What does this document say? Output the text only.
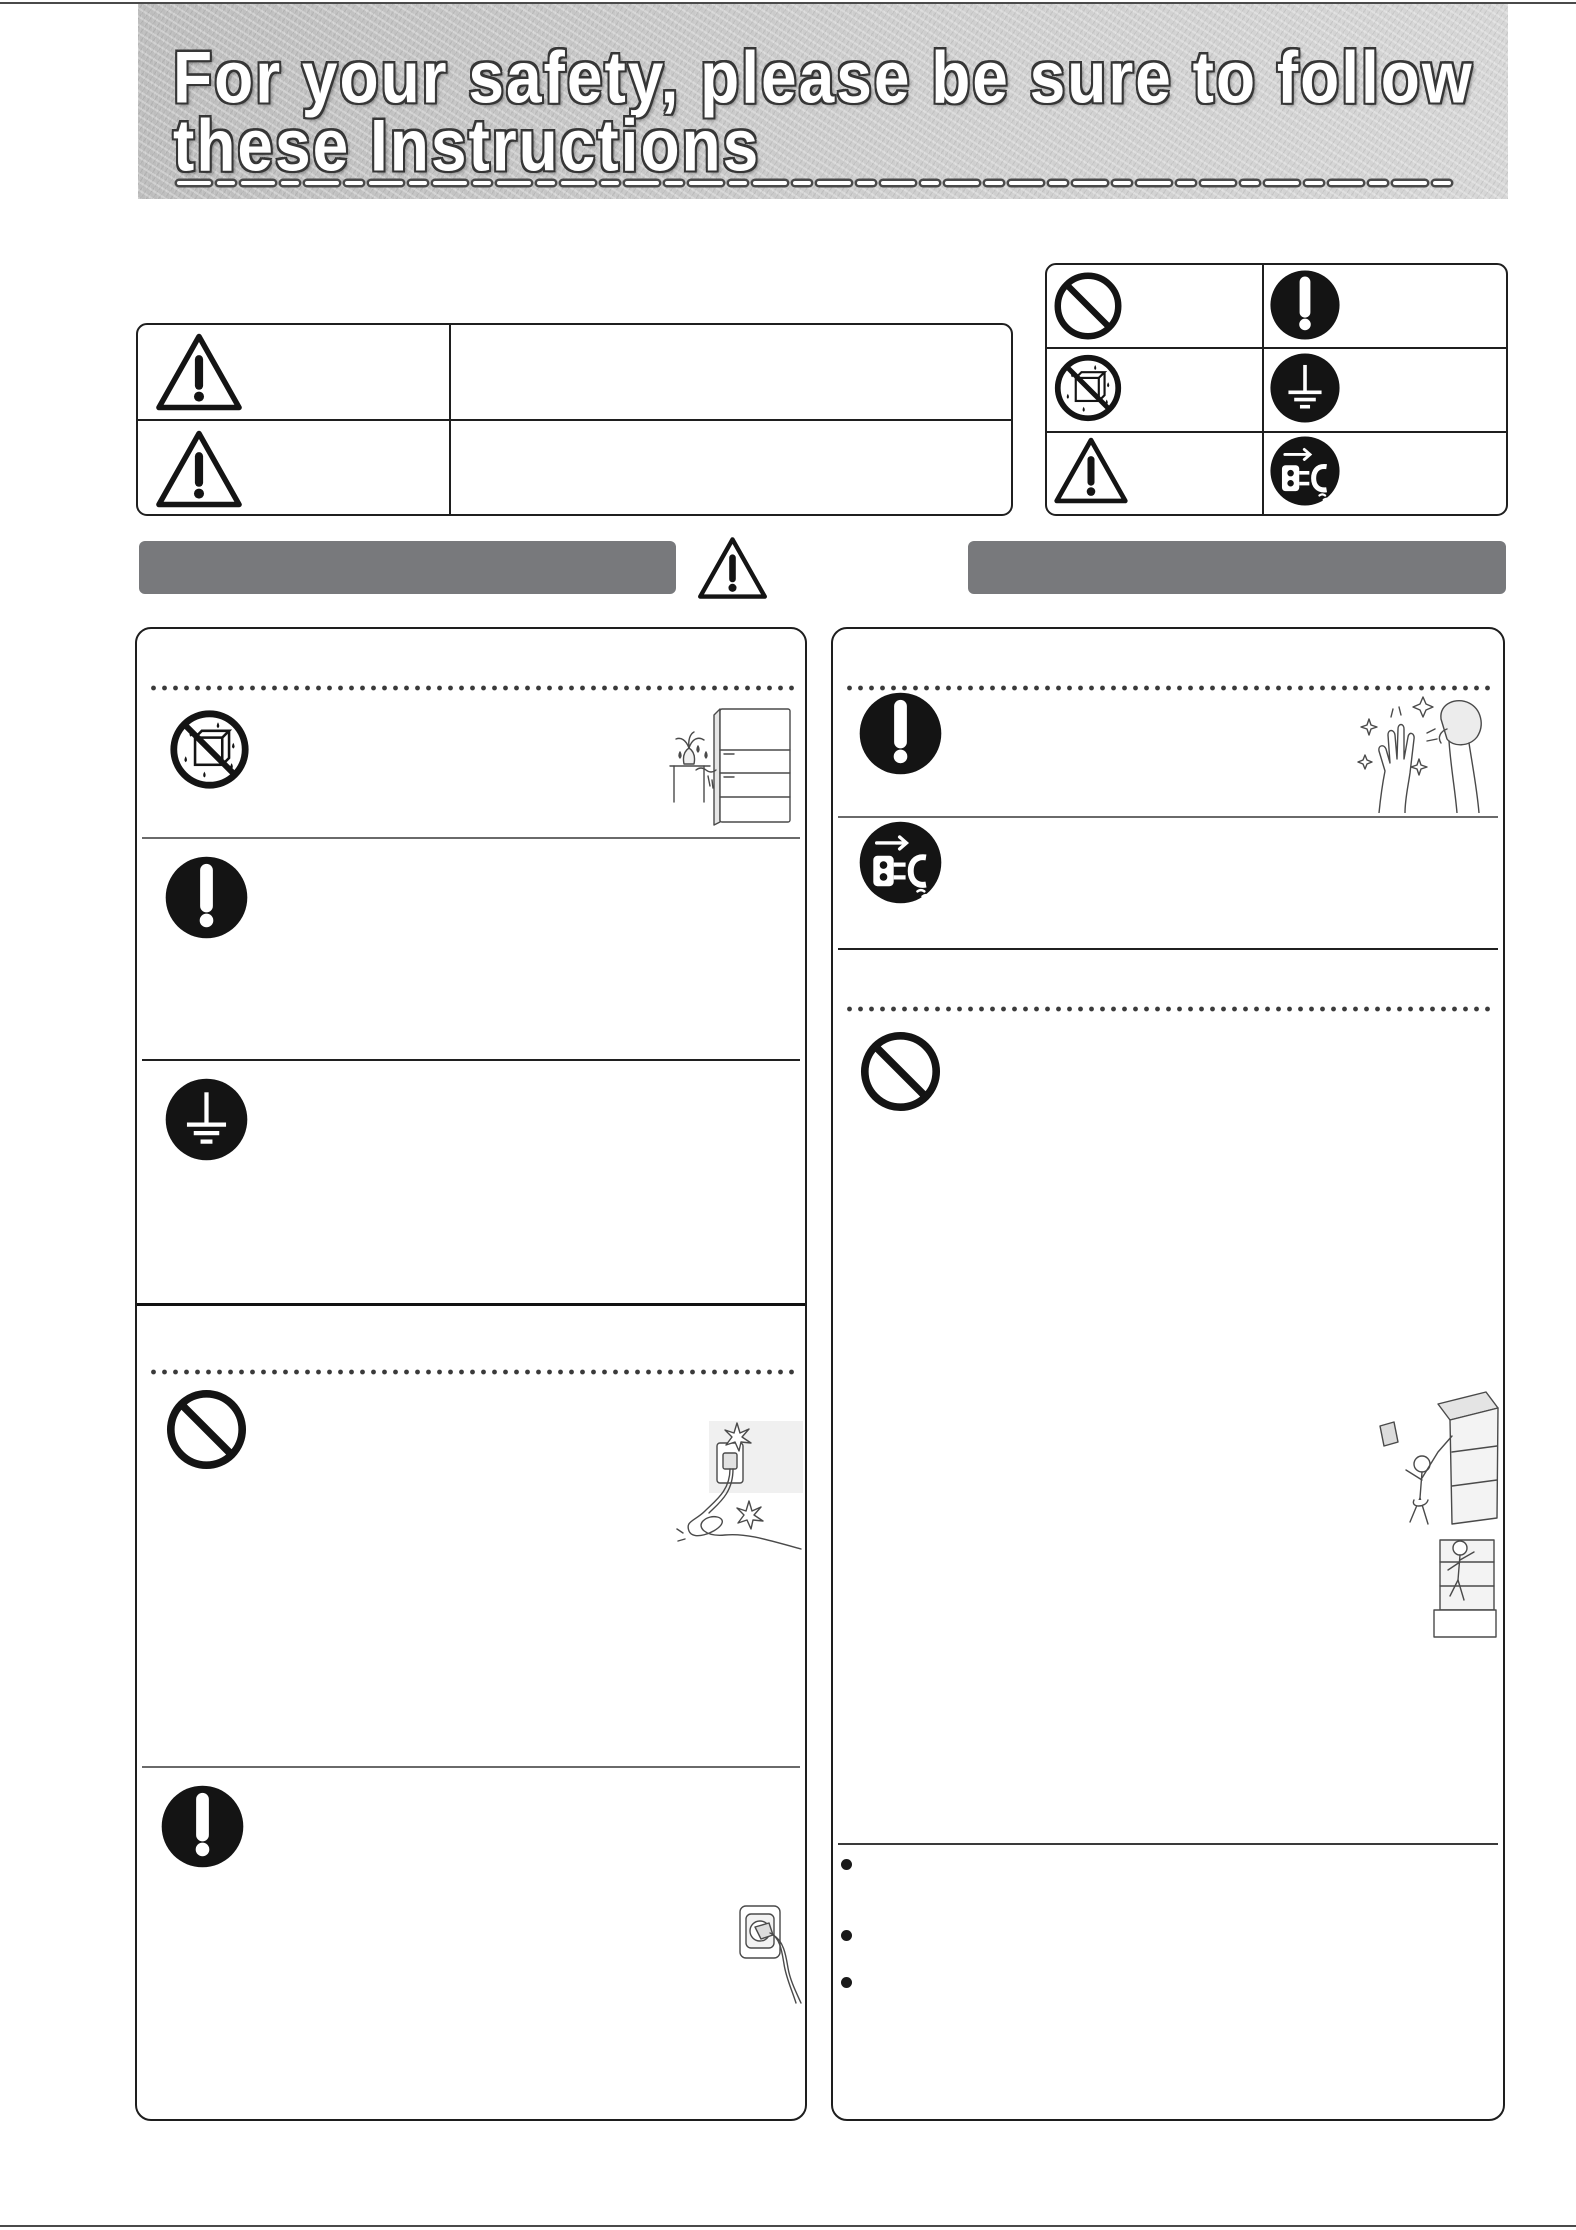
For your safety, please be sure to follow
these Instructions
